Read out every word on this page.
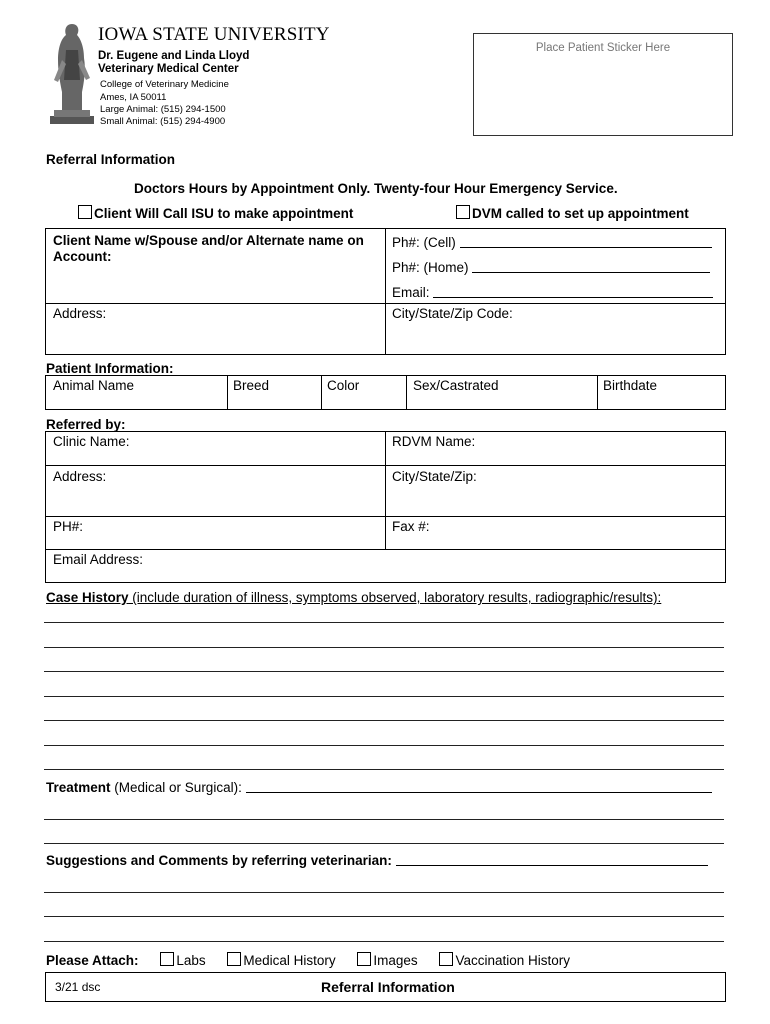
IOWA STATE UNIVERSITY
Dr. Eugene and Linda Lloyd
Veterinary Medical Center
College of Veterinary Medicine
Ames, IA 50011
Large Animal: (515) 294-1500
Small Animal: (515) 294-4900
Place Patient Sticker Here
Referral Information
Doctors Hours by Appointment Only. Twenty-four Hour Emergency Service.
Client Will Call ISU to make appointment	DVM called to set up appointment
Client Name w/Spouse and/or Alternate name on Account:
Ph#: (Cell)
Ph#: (Home)
Email:
Address:	City/State/Zip Code:
Patient Information:
Animal Name	Breed	Color	Sex/Castrated	Birthdate
Referred by:
Clinic Name:	RDVM Name:
Address:	City/State/Zip:
PH#:	Fax #:
Email Address:
Case History (include duration of illness, symptoms observed, laboratory results, radiographic/results):
Treatment (Medical or Surgical):
Suggestions and Comments by referring veterinarian:
Please Attach:	Labs	Medical History	Images	Vaccination History
3/21 dsc	Referral Information
